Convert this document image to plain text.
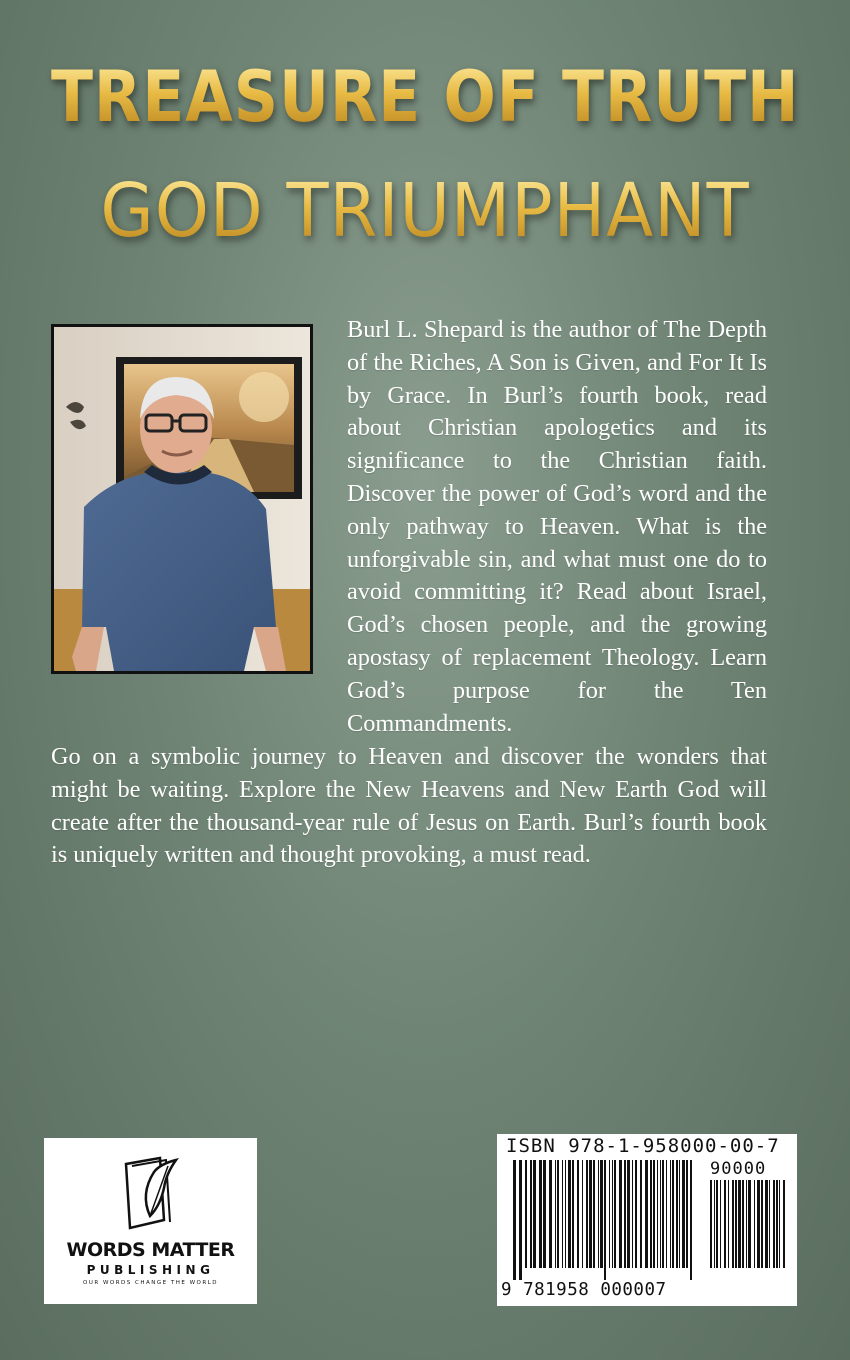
TREASURE OF TRUTH
GOD TRIUMPHANT
Burl L. Shepard is the author of The Depth of the Riches, A Son is Given, and For It Is by Grace. In Burl’s fourth book, read about Christian apologetics and its significance to the Christian faith. Discover the power of God’s word and the only pathway to Heaven. What is the unforgivable sin, and what must one do to avoid committing it? Read about Israel, God’s chosen people, and the growing apostasy of replacement Theology. Learn God’s purpose for the Ten Commandments.
Go on a symbolic journey to Heaven and discover the wonders that might be waiting. Explore the New Heavens and New Earth God will create after the thousand-year rule of Jesus on Earth. Burl’s fourth book is uniquely written and thought provoking, a must read.
WORDS MATTER
PUBLISHING
OUR WORDS CHANGE THE WORLD
ISBN 978-1-958000-00-7
90000
9 781958 000007
